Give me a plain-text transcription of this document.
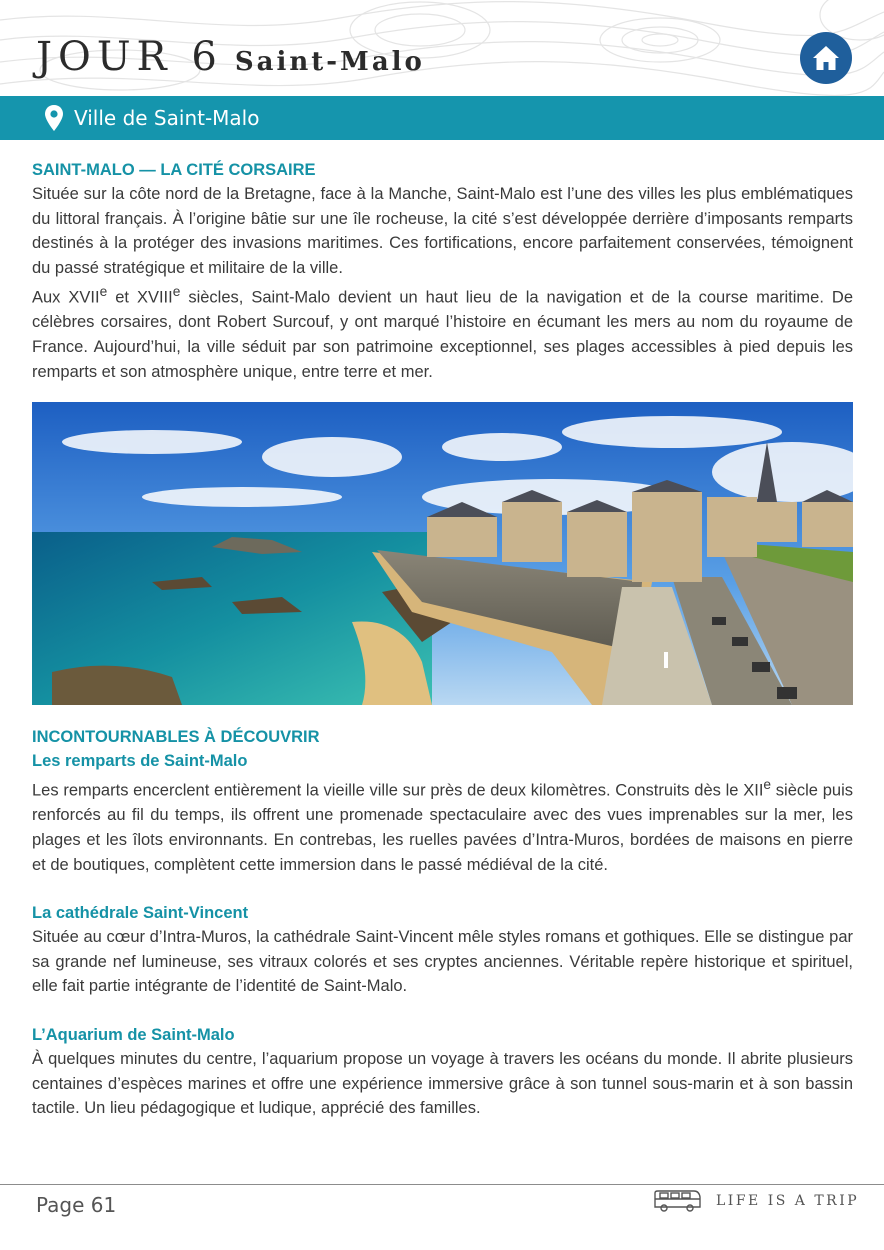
JOUR 6 Saint-Malo
Ville de Saint-Malo
SAINT-MALO — LA CITÉ CORSAIRE

Située sur la côte nord de la Bretagne, face à la Manche, Saint-Malo est l’une des villes les plus emblématiques du littoral français. À l’origine bâtie sur une île rocheuse, la cité s’est développée derrière d’imposants remparts destinés à la protéger des invasions maritimes. Ces fortifications, encore parfaitement conservées, témoignent du passé stratégique et militaire de la ville.

Aux XVIIe et XVIIIe siècles, Saint-Malo devient un haut lieu de la navigation et de la course maritime. De célèbres corsaires, dont Robert Surcouf, y ont marqué l’histoire en écumant les mers au nom du royaume de France. Aujourd’hui, la ville séduit par son patrimoine exceptionnel, ses plages accessibles à pied depuis les remparts et son atmosphère unique, entre terre et mer.

INCONTOURNABLES À DÉCOUVRIR
Les remparts de Saint-Malo

Les remparts encerclent entièrement la vieille ville sur près de deux kilomètres. Construits dès le XIIe siècle puis renforcés au fil du temps, ils offrent une promenade spectaculaire avec des vues imprenables sur la mer, les plages et les îlots environnants. En contrebas, les ruelles pavées d’Intra-Muros, bordées de maisons en pierre et de boutiques, complètent cette immersion dans le passé médiéval de la cité.

La cathédrale Saint-Vincent

Située au cœur d’Intra-Muros, la cathédrale Saint-Vincent mêle styles romans et gothiques. Elle se distingue par sa grande nef lumineuse, ses vitraux colorés et ses cryptes anciennes. Véritable repère historique et spirituel, elle fait partie intégrante de l’identité de Saint-Malo.

L’Aquarium de Saint-Malo

À quelques minutes du centre, l’aquarium propose un voyage à travers les océans du monde. Il abrite plusieurs centaines d’espèces marines et offre une expérience immersive grâce à son tunnel sous-marin et à son bassin tactile. Un lieu pédagogique et ludique, apprécié des familles.

Page 61	LIFE IS A TRIP
